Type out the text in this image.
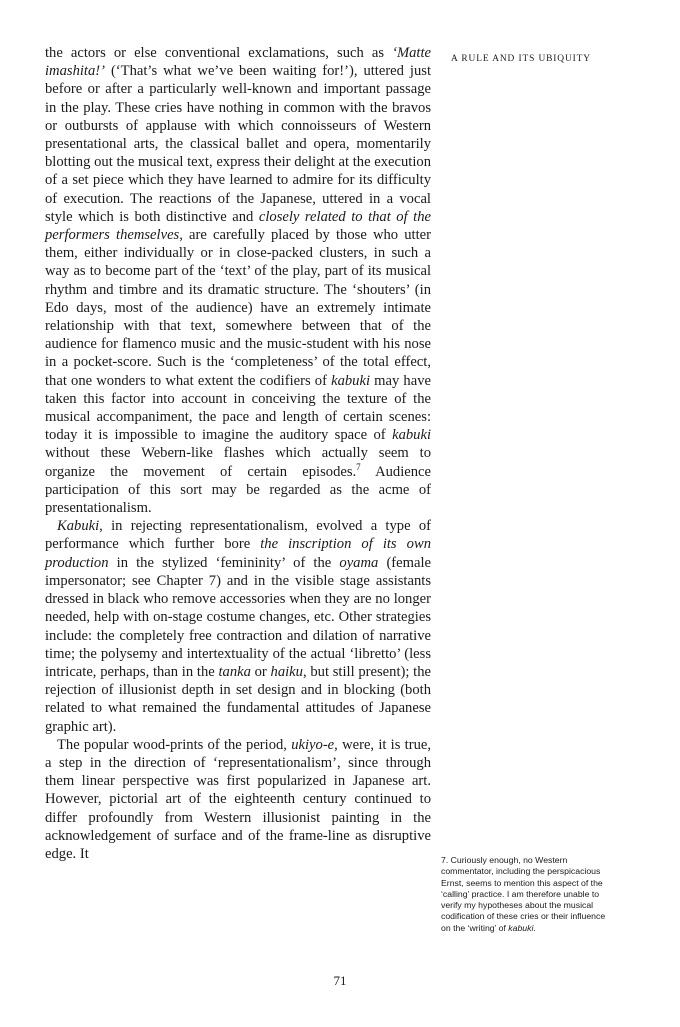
A RULE AND ITS UBIQUITY

the actors or else conventional exclamations, such as ‘Matte imashita!’ (‘That’s what we’ve been waiting for!’), uttered just before or after a particularly well-known and important passage in the play. These cries have nothing in common with the bravos or outbursts of applause with which connoisseurs of Western presentational arts, the classical ballet and opera, momentarily blotting out the musical text, express their delight at the execution of a set piece which they have learned to admire for its difficulty of execution. The reactions of the Japanese, uttered in a vocal style which is both distinctive and closely related to that of the performers themselves, are carefully placed by those who utter them, either individually or in close-packed clusters, in such a way as to become part of the ‘text’ of the play, part of its musical rhythm and timbre and its dramatic structure. The ‘shouters’ (in Edo days, most of the audience) have an extremely intimate relationship with that text, somewhere between that of the audience for flamenco music and the music-student with his nose in a pocket-score. Such is the ‘completeness’ of the total effect, that one wonders to what extent the codifiers of kabuki may have taken this factor into account in conceiving the texture of the musical accompaniment, the pace and length of certain scenes: today it is impossible to imagine the auditory space of kabuki without these Webern-like flashes which actually seem to organize the movement of certain episodes.$^7$ Audience participation of this sort may be regarded as the acme of presentationalism.

Kabuki, in rejecting representationalism, evolved a type of performance which further bore the inscription of its own production in the stylized ‘femininity’ of the oyama (female impersonator; see Chapter 7) and in the visible stage assistants dressed in black who remove accessories when they are no longer needed, help with on-stage costume changes, etc. Other strategies include: the completely free contraction and dilation of narrative time; the polysemy and intertextuality of the actual ‘libretto’ (less intricate, perhaps, than in the tanka or haiku, but still present); the rejection of illusionist depth in set design and in blocking (both related to what remained the fundamental attitudes of Japanese graphic art).

The popular wood-prints of the period, ukiyo-e, were, it is true, a step in the direction of ‘representationalism’, since through them linear perspective was first popularized in Japanese art. However, pictorial art of the eighteenth century continued to differ profoundly from Western illusionist painting in the acknowledgement of surface and of the frame-line as disruptive edge. It	7. Curiously enough, no Western commentator, including the perspicacious Ernst, seems to mention this aspect of the ‘calling’ practice. I am therefore unable to verify my hypotheses about the musical codification of these cries or their influence on the ‘writing’ of kabuki.
71
